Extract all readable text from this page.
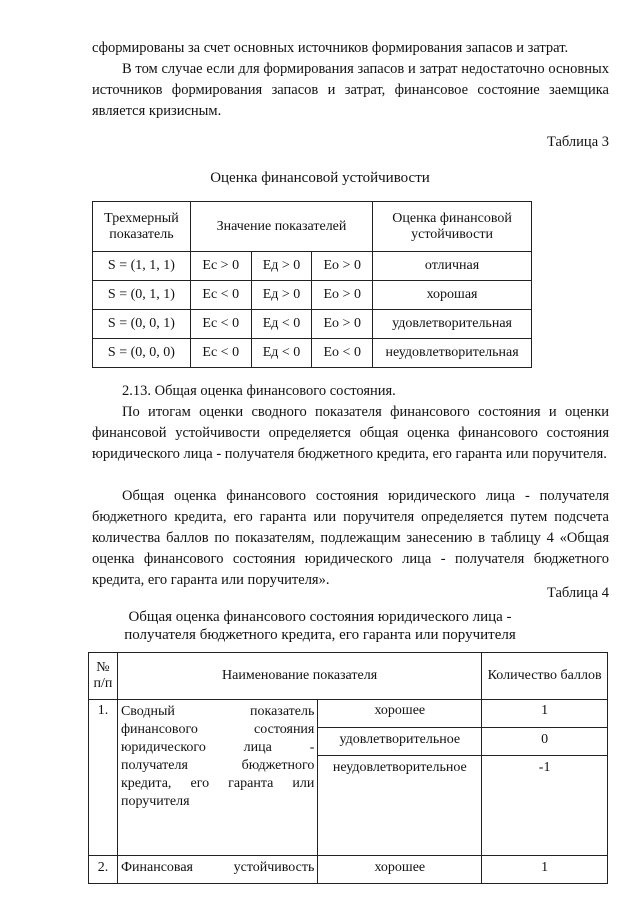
сформированы за счет основных источников формирования запасов и затрат.
В том случае если для формирования запасов и затрат недостаточно основных источников формирования запасов и затрат, финансовое состояние заемщика является кризисным.
Таблица 3
Оценка финансовой устойчивости
Трехмерный показатель	Значение показателей			Оценка финансовой устойчивости
S = (1, 1, 1)	Ес > 0	Ед > 0	Ео > 0	отличная
S = (0, 1, 1)	Ес < 0	Ед > 0	Ео > 0	хорошая
S = (0, 0, 1)	Ес < 0	Ед < 0	Ео > 0	удовлетворительная
S = (0, 0, 0)	Ес < 0	Ед < 0	Ео < 0	неудовлетворительная
2.13. Общая оценка финансового состояния.
По итогам оценки сводного показателя финансового состояния и оценки финансовой устойчивости определяется общая оценка финансового состояния юридического лица - получателя бюджетного кредита, его гаранта или поручителя.
Общая оценка финансового состояния юридического лица - получателя бюджетного кредита, его гаранта или поручителя определяется путем подсчета количества баллов по показателям, подлежащим занесению в таблицу 4 «Общая оценка финансового состояния юридического лица - получателя бюджетного кредита, его гаранта или поручителя».
Таблица 4
Общая оценка финансового состояния юридического лица -
получателя бюджетного кредита, его гаранта или поручителя
№ п/п	Наименование показателя		Количество баллов
1.	Сводный показатель финансового состояния юридического лица - получателя бюджетного кредита, его гаранта или поручителя	хорошее	1
		удовлетворительное	0
		неудовлетворительное	-1
2.	Финансовая устойчивость	хорошее	1
